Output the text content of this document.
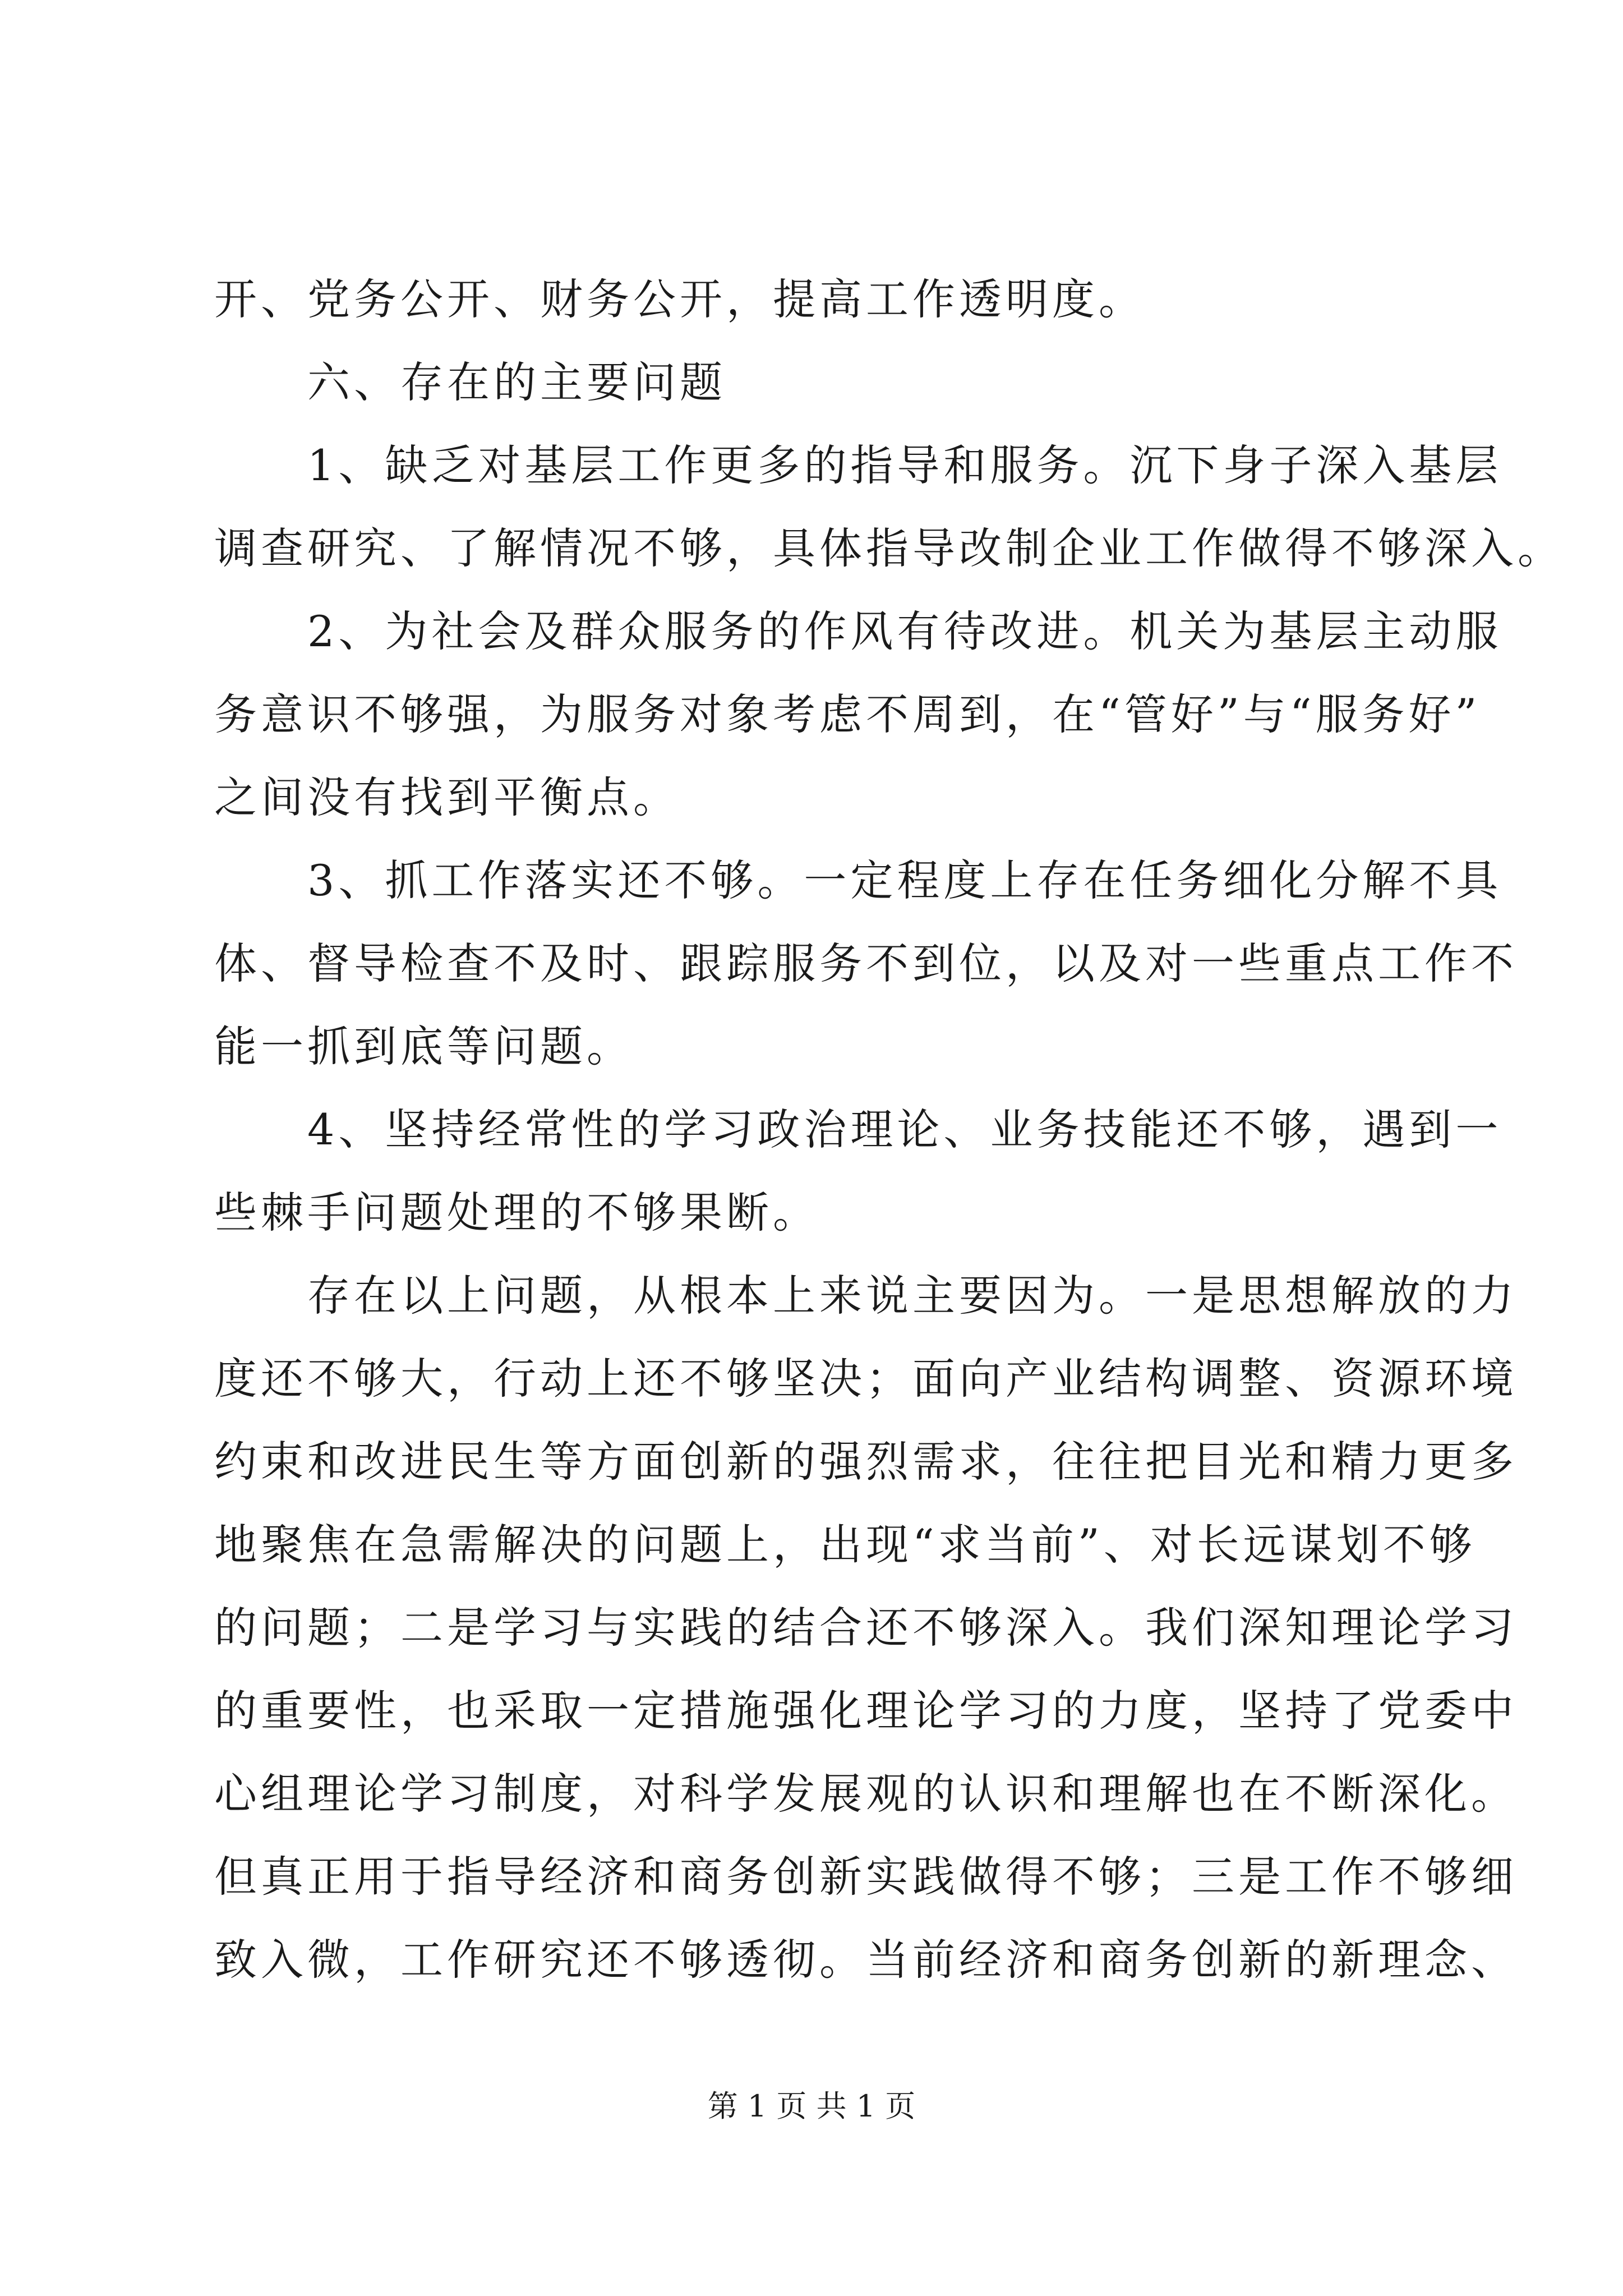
开、党务公开、财务公开，提高工作透明度。
　　六、存在的主要问题
　　1、缺乏对基层工作更多的指导和服务。沉下身子深入基层
调查研究、了解情况不够，具体指导改制企业工作做得不够深入。
　　2、为社会及群众服务的作风有待改进。机关为基层主动服
务意识不够强，为服务对象考虑不周到，在“管好”与“服务好”
之间没有找到平衡点。
　　3、抓工作落实还不够。一定程度上存在任务细化分解不具
体、督导检查不及时、跟踪服务不到位，以及对一些重点工作不
能一抓到底等问题。
　　4、坚持经常性的学习政治理论、业务技能还不够，遇到一
些棘手问题处理的不够果断。
　　存在以上问题，从根本上来说主要因为。一是思想解放的力
度还不够大，行动上还不够坚决；面向产业结构调整、资源环境
约束和改进民生等方面创新的强烈需求，往往把目光和精力更多
地聚焦在急需解决的问题上，出现“求当前”、对长远谋划不够
的问题；二是学习与实践的结合还不够深入。我们深知理论学习
的重要性，也采取一定措施强化理论学习的力度，坚持了党委中
心组理论学习制度，对科学发展观的认识和理解也在不断深化。
但真正用于指导经济和商务创新实践做得不够；三是工作不够细
致入微，工作研究还不够透彻。当前经济和商务创新的新理念、
第 1 页 共 1 页
